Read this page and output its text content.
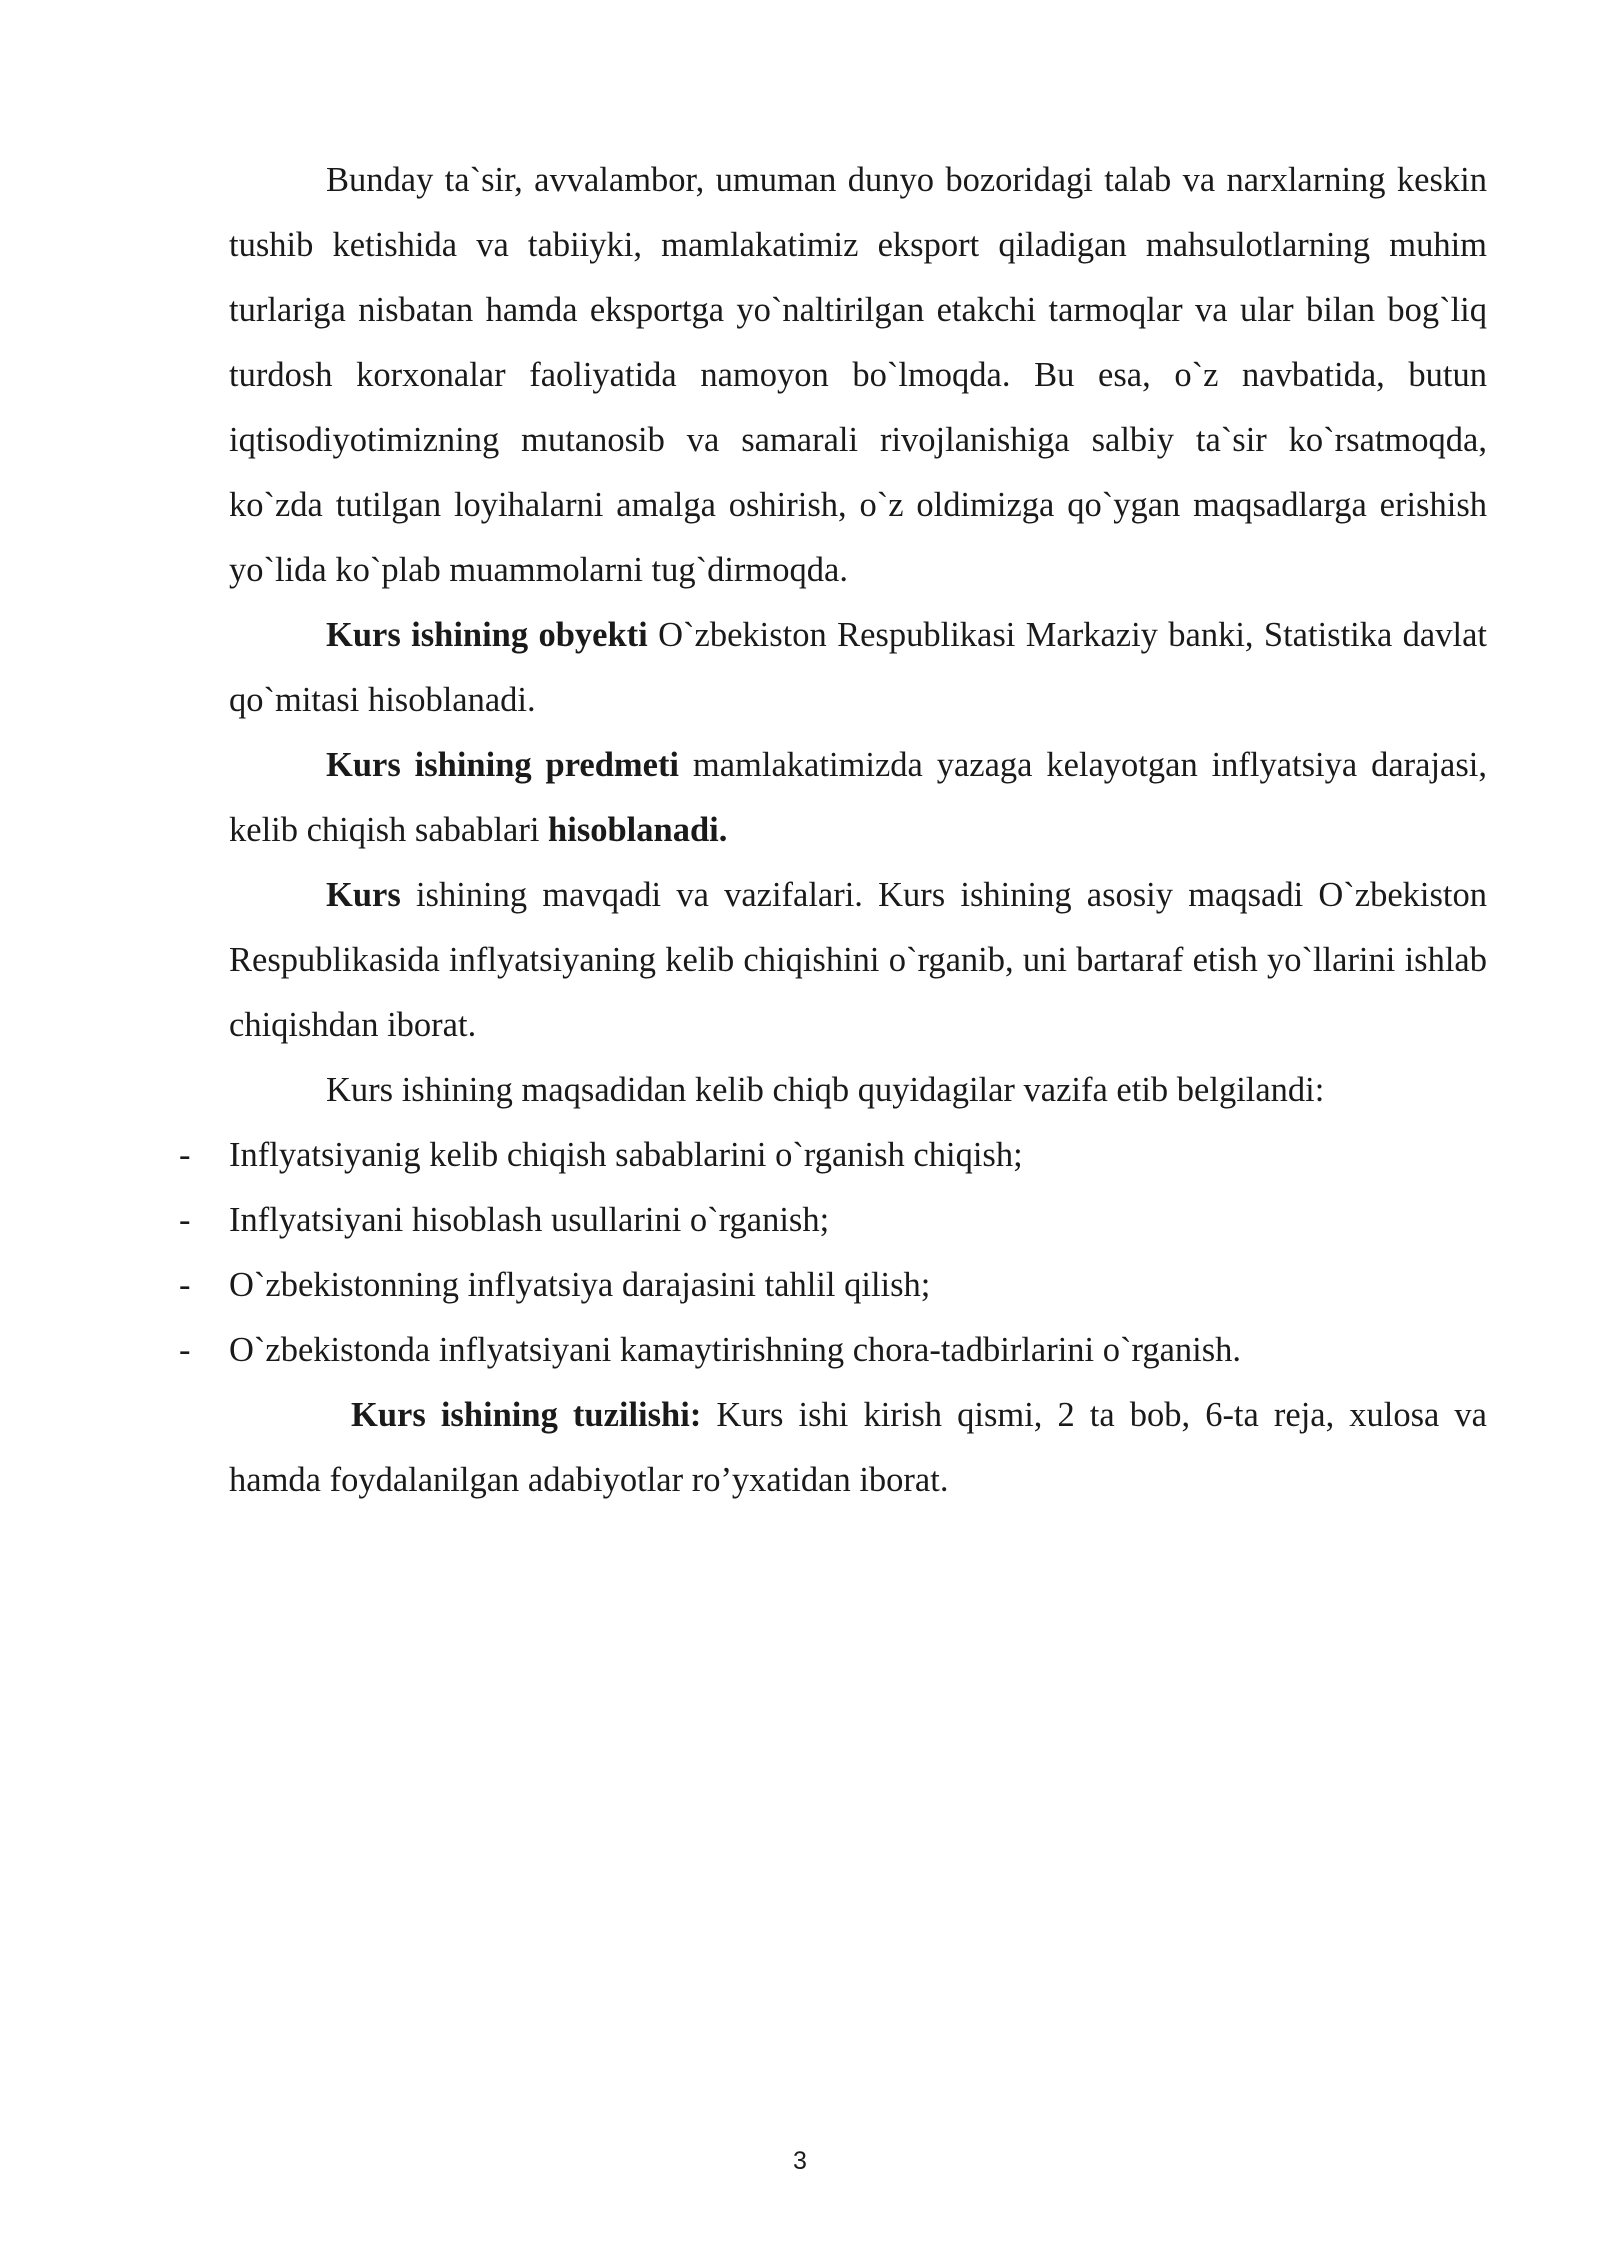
Bunday ta`sir, avvalambor, umuman dunyo bozoridagi talab va narxlarning keskin tushib ketishida va tabiiyki, mamlakatimiz eksport qiladigan mahsulotlarning muhim turlariga nisbatan hamda eksportga yo`naltirilgan etakchi tarmoqlar va ular bilan bog`liq turdosh korxonalar faoliyatida namoyon bo`lmoqda. Bu esa, o`z navbatida, butun iqtisodiyotimizning mutanosib va samarali rivojlanishiga salbiy ta`sir ko`rsatmoqda, ko`zda tutilgan loyihalarni amalga oshirish, o`z oldimizga qo`ygan maqsadlarga erishish yo`lida ko`plab muammolarni tug`dirmoqda.

Kurs ishining obyekti O`zbekiston Respublikasi Markaziy banki, Statistika davlat qo`mitasi hisoblanadi.

Kurs ishining predmeti mamlakatimizda yazaga kelayotgan inflyatsiya darajasi, kelib chiqish sabablari hisoblanadi.

Kurs ishining mavqadi va vazifalari. Kurs ishining asosiy maqsadi O`zbekiston Respublikasida inflyatsiyaning kelib chiqishini o`rganib, uni bartaraf etish yo`llarini ishlab chiqishdan iborat.

Kurs ishining maqsadidan kelib chiqb quyidagilar vazifa etib belgilandi:

- Inflyatsiyanig kelib chiqish sabablarini o`rganish chiqish;
- Inflyatsiyani hisoblash usullarini o`rganish;
- O`zbekistonning inflyatsiya darajasini tahlil qilish;
- O`zbekistonda inflyatsiyani kamaytirishning chora-tadbirlarini o`rganish.

Kurs ishining tuzilishi: Kurs ishi kirish qismi, 2 ta bob, 6-ta reja, xulosa va hamda foydalanilgan adabiyotlar ro’yxatidan iborat.

3
